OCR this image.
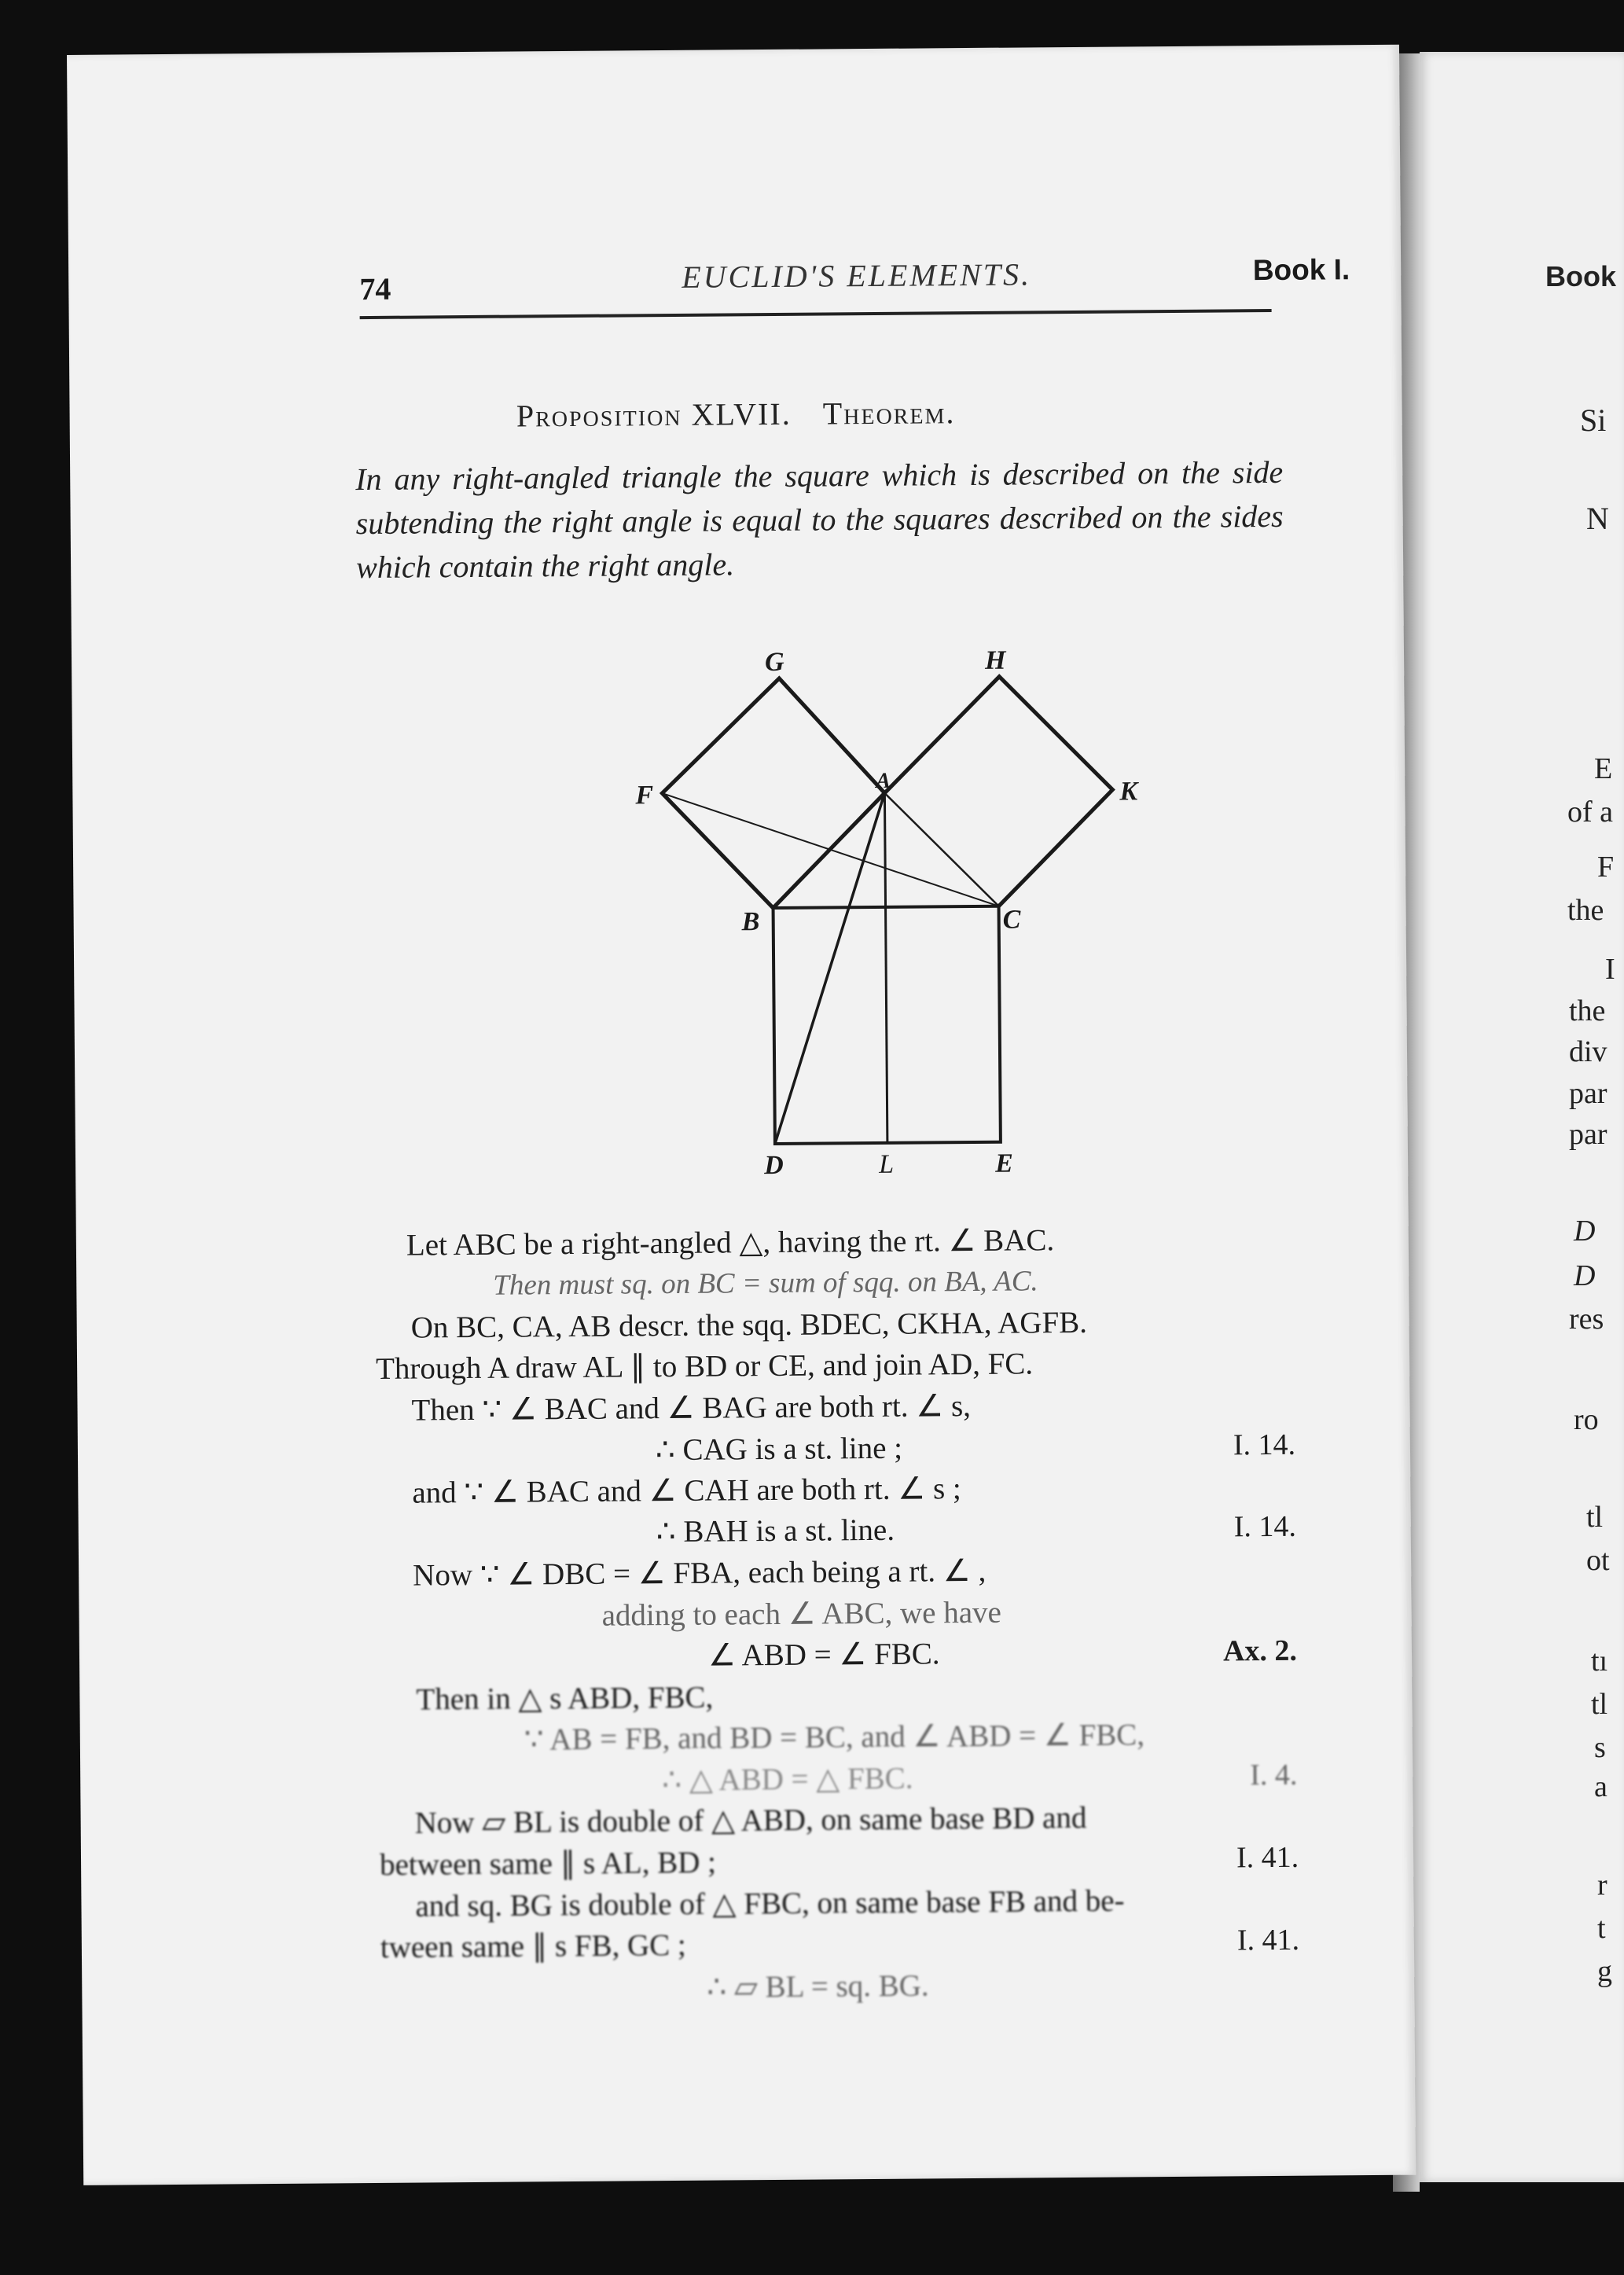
Book
Si
N
E
of a
F
the
I
the
div
par
par
D
D
res
ro
tl
ot
tı
tl
s
a
r
t
g
74	EUCLID'S ELEMENTS.	Book I.
Proposition XLVII. Theorem.
In any right-angled triangle the square which is described on the side subtending the right angle is equal to the squares described on the sides which contain the right angle.
G	H
A
F	K
B	C
D	L	E
Let ABC be a right-angled △, having the rt. ∠ BAC.
Then must sq. on BC = sum of sqq. on BA, AC.
On BC, CA, AB descr. the sqq. BDEC, CKHA, AGFB.
Through A draw AL ∥ to BD or CE, and join AD, FC.
Then ∵ ∠ BAC and ∠ BAG are both rt. ∠ s,
∴ CAG is a st. line ;	I. 14.
and ∵ ∠ BAC and ∠ CAH are both rt. ∠ s ;
∴ BAH is a st. line.	I. 14.
Now ∵ ∠ DBC = ∠ FBA, each being a rt. ∠ ,
adding to each ∠ ABC, we have
∠ ABD = ∠ FBC.	Ax. 2.
Then in △ s ABD, FBC,
∵ AB = FB, and BD = BC, and ∠ ABD = ∠ FBC,
∴ △ ABD = △ FBC.	I. 4.
Now ▱ BL is double of △ ABD, on same base BD and
between same ∥ s AL, BD ;	I. 41.
and sq. BG is double of △ FBC, on same base FB and be-
tween same ∥ s FB, GC ;	I. 41.
∴ ▱ BL = sq. BG.
